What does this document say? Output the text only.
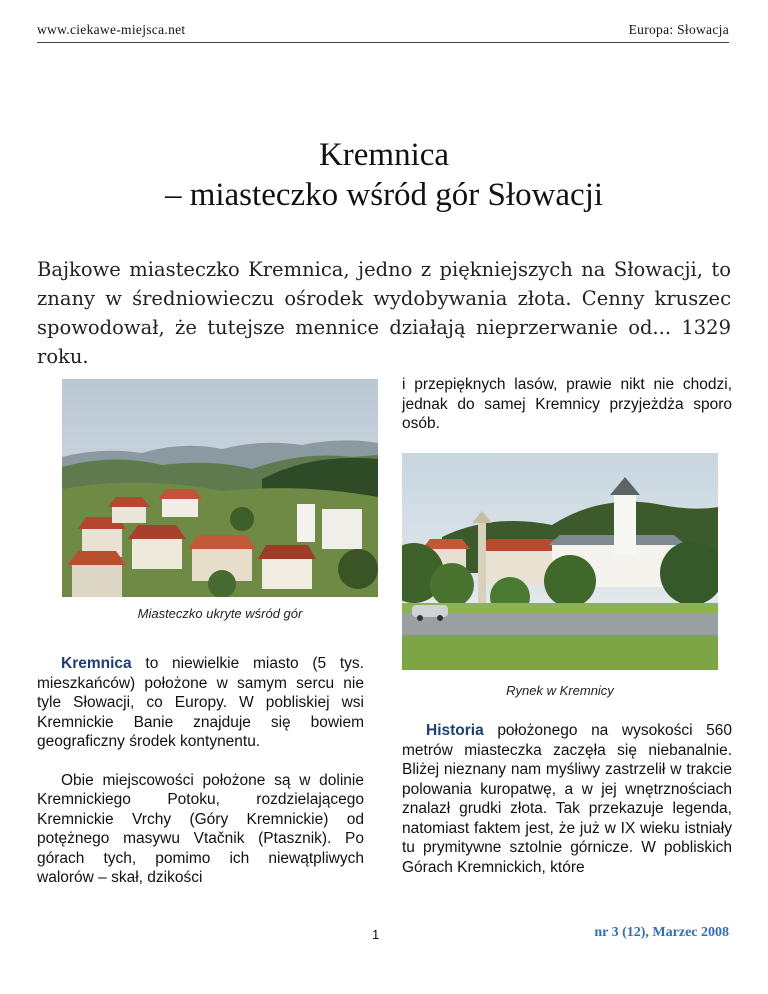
www.ciekawe-miejsca.net	Europa: Słowacja
Kremnica
– miasteczko wśród gór Słowacji
Bajkowe miasteczko Kremnica, jedno z piękniejszych na Słowacji, to znany w średniowieczu ośrodek wydobywania złota. Cenny kruszec spowodował, że tutejsze mennice działają nieprzerwanie od... 1329 roku.
Miasteczko ukryte wśród gór
Rynek w Kremnicy

i przepięknych lasów, prawie nikt nie chodzi, jednak do samej Kremnicy przyjeżdża sporo osób.

Kremnica to niewielkie miasto (5 tys. mieszkańców) położone w samym sercu nie tyle Słowacji, co Europy. W pobliskiej wsi Kremnickie Banie znajduje się bowiem geograficzny środek kontynentu.

Obie miejscowości położone są w dolinie Kremnickiego Potoku, rozdzielającego Kremnickie Vrchy (Góry Kremnickie) od potężnego masywu Vtačnik (Ptasznik). Po górach tych, pomimo ich niewątpliwych walorów – skał, dzikości

Historia położonego na wysokości 560 metrów miasteczka zaczęła się niebanalnie. Bliżej nieznany nam myśliwy zastrzelił w trakcie polowania kuropatwę, a w jej wnętrznościach znalazł grudki złota. Tak przekazuje legenda, natomiast faktem jest, że już w IX wieku istniały tu prymitywne sztolnie górnicze. W pobliskich Górach Kremnickich, które

1	nr 3 (12), Marzec 2008
